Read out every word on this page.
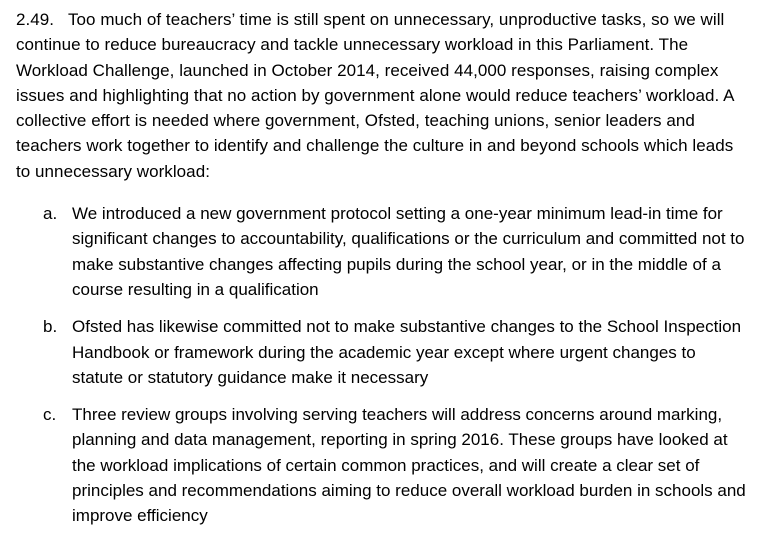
2.49. Too much of teachers’ time is still spent on unnecessary, unproductive tasks, so we will continue to reduce bureaucracy and tackle unnecessary workload in this Parliament. The Workload Challenge, launched in October 2014, received 44,000 responses, raising complex issues and highlighting that no action by government alone would reduce teachers’ workload. A collective effort is needed where government, Ofsted, teaching unions, senior leaders and teachers work together to identify and challenge the culture in and beyond schools which leads to unnecessary workload:

a. We introduced a new government protocol setting a one-year minimum lead-in time for significant changes to accountability, qualifications or the curriculum and committed not to make substantive changes affecting pupils during the school year, or in the middle of a course resulting in a qualification
b. Ofsted has likewise committed not to make substantive changes to the School Inspection Handbook or framework during the academic year except where urgent changes to statute or statutory guidance make it necessary
c. Three review groups involving serving teachers will address concerns around marking, planning and data management, reporting in spring 2016. These groups have looked at the workload implications of certain common practices, and will create a clear set of principles and recommendations aiming to reduce overall workload burden in schools and improve efficiency
